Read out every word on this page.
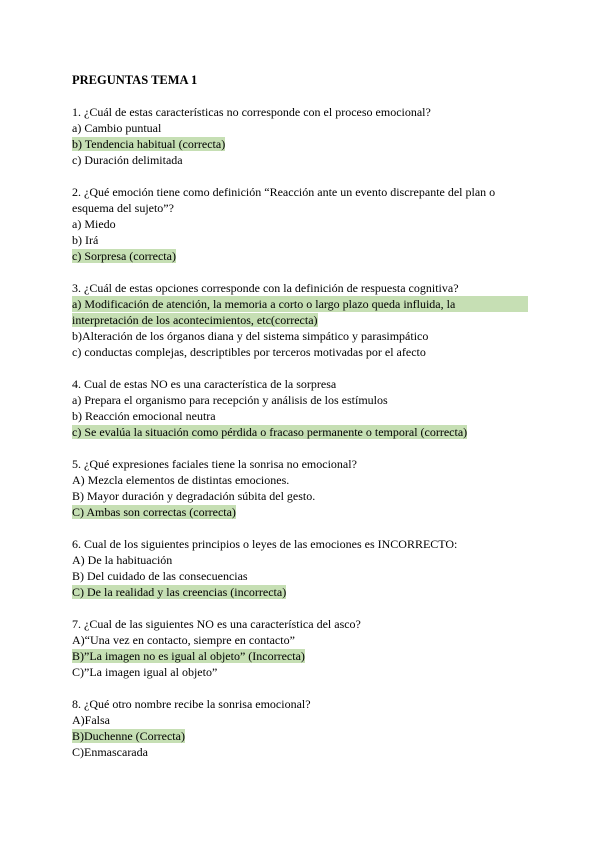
PREGUNTAS TEMA 1
1. ¿Cuál de estas características no corresponde con el proceso emocional?
a) Cambio puntual
b) Tendencia habitual (correcta)
c) Duración delimitada
2. ¿Qué emoción tiene como definición “Reacción ante un evento discrepante del plan o
esquema del sujeto”?
a) Miedo
b) Irá
c) Sorpresa (correcta)
3. ¿Cuál de estas opciones corresponde con la definición de respuesta cognitiva?
a) Modificación de atención, la memoria a corto o largo plazo queda influida, la
interpretación de los acontecimientos, etc(correcta)
b)Alteración de los órganos diana y del sistema simpático y parasimpático
c) conductas complejas, descriptibles por terceros motivadas por el afecto
4. Cual de estas NO es una característica de la sorpresa
a) Prepara el organismo para recepción y análisis de los estímulos
b) Reacción emocional neutra
c) Se evalúa la situación como pérdida o fracaso permanente o temporal (correcta)
5. ¿Qué expresiones faciales tiene la sonrisa no emocional?
A) Mezcla elementos de distintas emociones.
B) Mayor duración y degradación súbita del gesto.
C) Ambas son correctas (correcta)
6. Cual de los siguientes principios o leyes de las emociones es INCORRECTO:
A) De la habituación
B) Del cuidado de las consecuencias
C) De la realidad y las creencias (incorrecta)
7. ¿Cual de las siguientes NO es una característica del asco?
A)“Una vez en contacto, siempre en contacto”
B)”La imagen no es igual al objeto” (Incorrecta)
C)”La imagen igual al objeto”
8. ¿Qué otro nombre recibe la sonrisa emocional?
A)Falsa
B)Duchenne (Correcta)
C)Enmascarada
